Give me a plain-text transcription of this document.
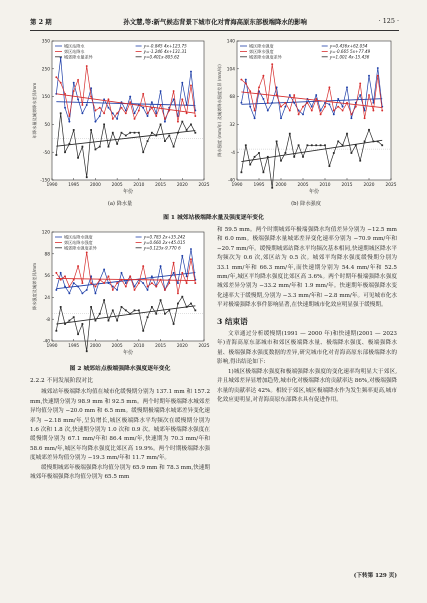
第 2 期	孙文慧,等:新气候态背景下城市化对青海高原东部极端降水的影响	· 125 ·
-150
-50
50
150
250
350
1990	1995	2000	2005	2010	2015	2020	2025
年份
年降水量及城郊降水差异/mm
城区站降水
郊区站降水
城郊降水量差异
y=-0.845 4x+123.75
y=-1.246 4x+131.31
y=0.401x-805.62
(a) 降水量
-40
-4
32
68
104
140
1990	1995	2000	2005	2010	2015	2020	2025
年份
降水强度 (mm/年) 及城郊降水强度差异 (mm/年)
城区降水强度
郊区降水强度
城郊降水强度差异
y=0.436x+62.054
y=-0.665 5x+77.49
y=1.001 4x-15.436
(b) 降水强度
图 1 城郊站极端降水量及强度逐年变化
-40
-8
24
56
88
120
1990	1995	2000	2005	2010	2015	2020	2025
年份
降水强度及城郊差异/mm
城区站降水强度
郊区站降水强度
城郊降水强度差异
y=0.783 2x+35.242
y=0.660 2x+45.015
y=0.123x-9.770 6
图 2 城郊站点极端强降水强度逐年变化
2.2.2 不同发展阶段对比

城郊站年极端降水均值在城市化缓慢期分别为 137.1 mm 和 157.2 mm,快速期分别为 98.9 mm 和 92.5 mm。两个时期年极端降水城郊差异均值分别为 −20.0 mm 和 6.5 mm。缓慢期极端降水城郊差异变化速率为 −2.18 mm/年,呈负增长,城区极端降水平均频次在缓慢期分别为 1.6 次和 1.8 次,快速期分别为 1.0 次和 0.9 次。城郊年极端降水强度在缓慢期分别为 67.1 mm/年和 86.4 mm/年,快速期为 70.3 mm/年和 58.6 mm/年,城区年均降水强度比郊区高 19.9%。两个时期极端降水强度城郊差异均值分别为 −19.3 mm/年和 11.7 mm/年。

缓慢期城郊年极端强降水均值分别为 65.9 mm 和 78.3 mm,快速期城郊年极端强降水均值分别为 65.5 mm

和 59.5 mm。两个时期城郊年极端强降水均值差异分别为 −12.5 mm 和 6.0 mm。极端强降水量城郊差异变化速率分别为 −70.9 mm/年和 −20.7 mm/年。缓慢期城郊站降水平均频次基本相同,快速期城区降水平均频次为 0.6 次,郊区站为 0.5 次。城郊平均降水强度缓慢期分别为 33.1 mm/年和 66.3 mm/年,而快速期分别为 54.4 mm/年和 52.5 mm/年,城区平均降水强度比郊区高 3.6%。两个时期年极端强降水强度城郊差异分别为 −33.2 mm/年和 1.9 mm/年。快速期年极端强降水变化速率大于缓慢期,分别为 −3.3 mm/年和 −2.8 mm/年。可见城市化水平对极端强降水事件影响显著,在快速期城市化效应明显强于缓慢期。

3 结束语

文章通过分析缓慢期(1991 — 2000 年)和快速期(2001 — 2023 年)青海高原东部城市和郊区极端降水量、极端降水强度、极端强降水量、极端强降水强度数据的差异,研究城市化对青海高原东部极端降水的影响,得出结论如下:

1)城区极端降水强度和极端强降水强度的变化速率均明显大于郊区,并且城郊差异显增加趋势,城市化对极端降水的贡献率达 86%,对极端强降水量的贡献率达 42%。相较于郊区,城区极端降水作为发生频率更高,城市化效应更明显,对青海高原东部降水具有促进作用。

(下转第 129 页)
